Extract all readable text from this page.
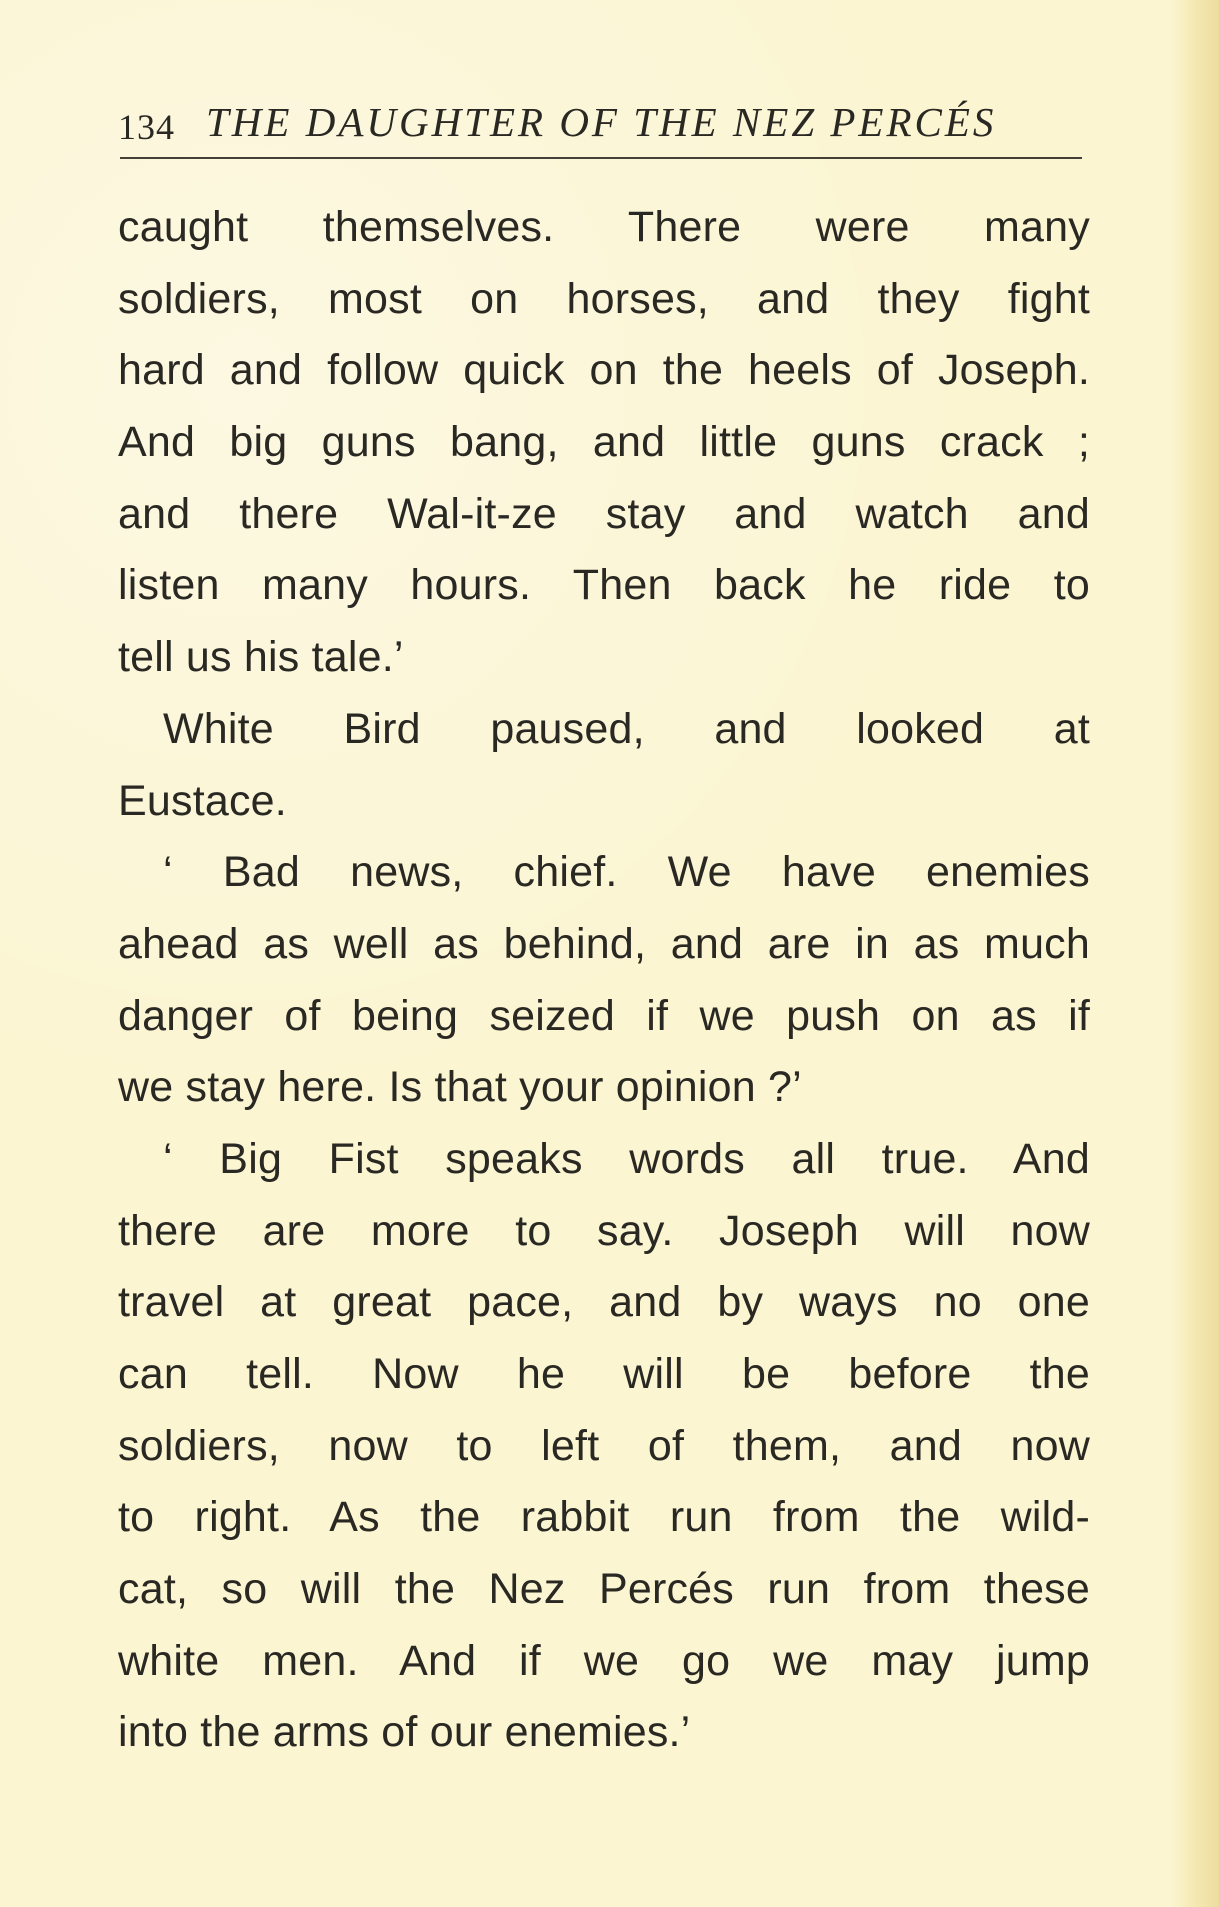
134 THE DAUGHTER OF THE NEZ PERCÉS
caught themselves. There were many
soldiers, most on horses, and they fight
hard and follow quick on the heels of Joseph.
And big guns bang, and little guns crack ;
and there Wal-it-ze stay and watch and
listen many hours. Then back he ride to
tell us his tale.’
White Bird paused, and looked at
Eustace.
‘ Bad news, chief. We have enemies
ahead as well as behind, and are in as much
danger of being seized if we push on as if
we stay here. Is that your opinion ?’
‘ Big Fist speaks words all true. And
there are more to say. Joseph will now
travel at great pace, and by ways no one
can tell. Now he will be before the
soldiers, now to left of them, and now
to right. As the rabbit run from the wild-
cat, so will the Nez Percés run from these
white men. And if we go we may jump
into the arms of our enemies.’
